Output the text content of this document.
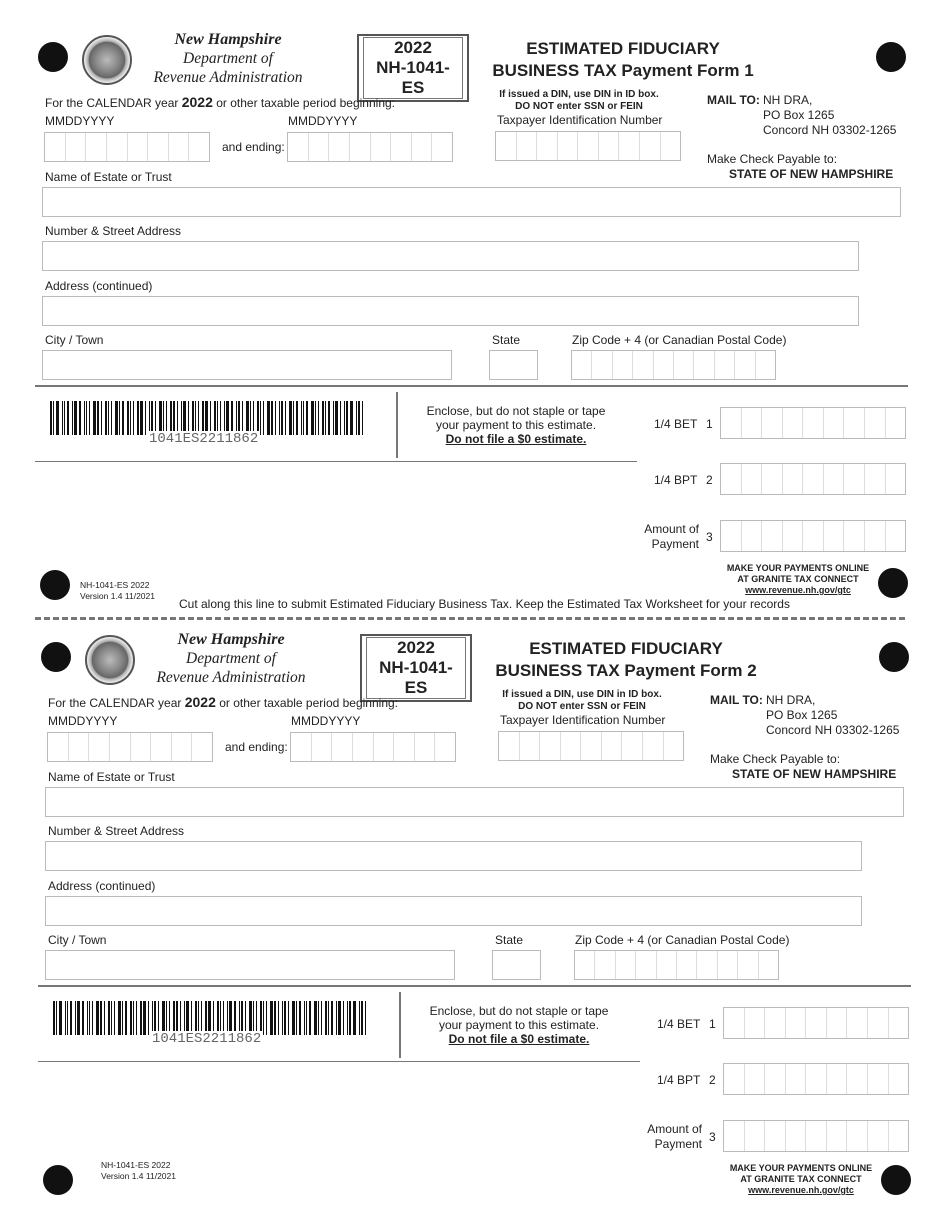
New Hampshire
Department of
Revenue Administration
2022
NH-1041-ES
ESTIMATED FIDUCIARY
BUSINESS TAX Payment Form 1
For the CALENDAR year 2022 or other taxable period beginning:
MMDDYYYY	MMDDYYYY
and ending:
If issued a DIN, use DIN in ID box.
DO NOT enter SSN or FEIN
Taxpayer Identification Number
MAIL TO: NH DRA,
PO Box 1265
Concord NH 03302-1265
Make Check Payable to:
STATE OF NEW HAMPSHIRE
Name of Estate or Trust
Number & Street Address
Address (continued)
City / Town	State	Zip Code + 4 (or Canadian Postal Code)
1041ES2211862
Enclose, but do not staple or tape
your payment to this estimate.
Do not file a $0 estimate.
1/4 BET 1
1/4 BPT 2
Amount of
Payment 3
NH-1041-ES 2022
Version 1.4 11/2021
MAKE YOUR PAYMENTS ONLINE
AT GRANITE TAX CONNECT
www.revenue.nh.gov/gtc
New Hampshire
Department of
Revenue Administration
2022
NH-1041-ES
ESTIMATED FIDUCIARY
BUSINESS TAX Payment Form 2
For the CALENDAR year 2022 or other taxable period beginning:
MMDDYYYY	MMDDYYYY
and ending:
If issued a DIN, use DIN in ID box.
DO NOT enter SSN or FEIN
Taxpayer Identification Number
MAIL TO: NH DRA,
PO Box 1265
Concord NH 03302-1265
Make Check Payable to:
STATE OF NEW HAMPSHIRE
Name of Estate or Trust
Number & Street Address
Address (continued)
City / Town	State	Zip Code + 4 (or Canadian Postal Code)
1041ES2211862
Enclose, but do not staple or tape
your payment to this estimate.
Do not file a $0 estimate.
1/4 BET 1
1/4 BPT 2
Amount of
Payment 3
NH-1041-ES 2022
Version 1.4 11/2021
MAKE YOUR PAYMENTS ONLINE
AT GRANITE TAX CONNECT
www.revenue.nh.gov/gtc
Cut along this line to submit Estimated Fiduciary Business Tax. Keep the Estimated Tax Worksheet for your records
